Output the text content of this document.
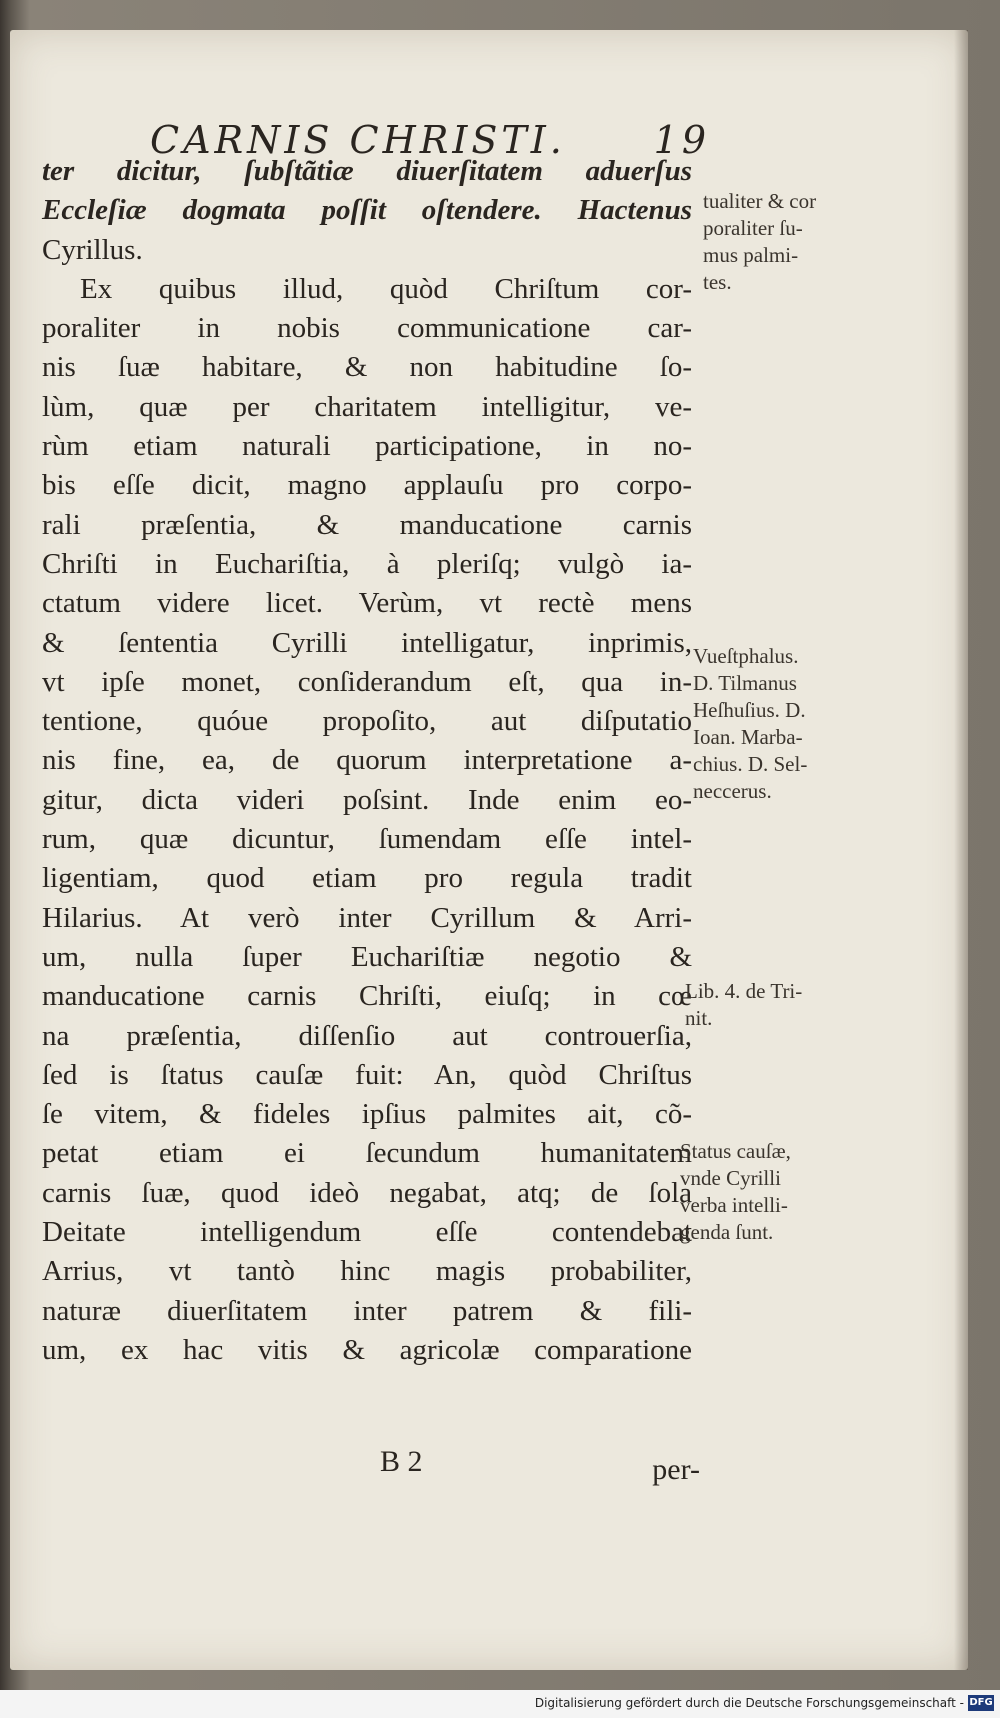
CARNIS CHRISTI. 19
ter dicitur, ſubſtãtiæ diuerſitatem aduerſus
Eccleſiæ dogmata poſſit oſtendere. Hactenus
Cyrillus.
Ex quibus illud, quòd Chriſtum cor-
poraliter in nobis communicatione car-
nis ſuæ habitare, & non habitudine ſo-
lùm, quæ per charitatem intelligitur, ve-
rùm etiam naturali participatione, in no-
bis eſſe dicit, magno applauſu pro corpo-
rali præſentia, & manducatione carnis
Chriſti in Euchariſtia, à pleriſq; vulgò ia-
ctatum videre licet. Verùm, vt rectè mens
& ſententia Cyrilli intelligatur, inprimis,
vt ipſe monet, conſiderandum eſt, qua in-
tentione, quóue propoſito, aut diſputatio
nis fine, ea, de quorum interpretatione a-
gitur, dicta videri poſsint. Inde enim eo-
rum, quæ dicuntur, ſumendam eſſe intel-
ligentiam, quod etiam pro regula tradit
Hilarius. At verò inter Cyrillum & Arri-
um, nulla ſuper Euchariſtiæ negotio &
manducatione carnis Chriſti, eiuſq; in cœ
na præſentia, diſſenſio aut controuerſia,
ſed is ſtatus cauſæ fuit: An, quòd Chriſtus
ſe vitem, & fideles ipſius palmites ait, cõ-
petat etiam ei ſecundum humanitatem
carnis ſuæ, quod ideò negabat, atq; de ſola
Deitate intelligendum eſſe contendebat
Arrius, vt tantò hinc magis probabiliter,
naturæ diuerſitatem inter patrem & fili-
um, ex hac vitis & agricolæ comparatione
tualiter & cor
poraliter ſu-
mus palmi-
tes.
Vueſtphalus.
D. Tilmanus
Heſhuſius. D.
Ioan. Marba-
chius. D. Sel-
neccerus.
Lib. 4. de Tri-
nit.
Status cauſæ,
vnde Cyrilli
verba intelli-
genda ſunt.
B 2	per-
Digitalisierung gefördert durch die Deutsche Forschungsgemeinschaft - DFG
